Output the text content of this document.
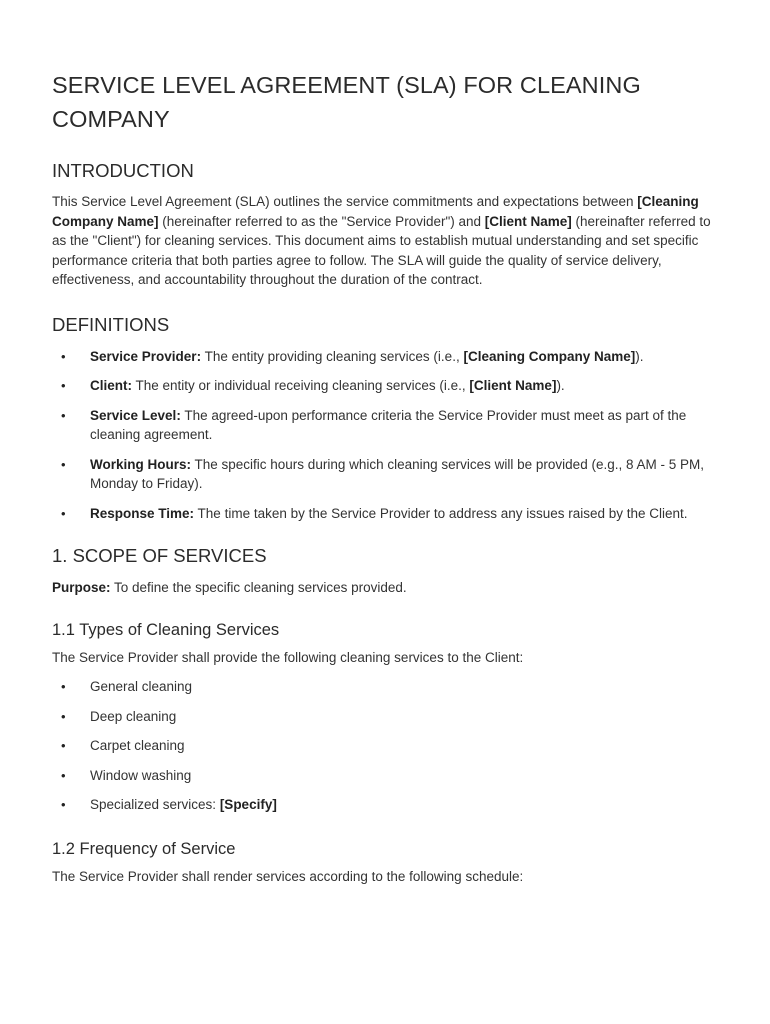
SERVICE LEVEL AGREEMENT (SLA) FOR CLEANING COMPANY
INTRODUCTION

This Service Level Agreement (SLA) outlines the service commitments and expectations between [Cleaning Company Name] (hereinafter referred to as the "Service Provider") and [Client Name] (hereinafter referred to as the "Client") for cleaning services. This document aims to establish mutual understanding and set specific performance criteria that both parties agree to follow. The SLA will guide the quality of service delivery, effectiveness, and accountability throughout the duration of the contract.

DEFINITIONS
• Service Provider: The entity providing cleaning services (i.e., [Cleaning Company Name]).
• Client: The entity or individual receiving cleaning services (i.e., [Client Name]).
• Service Level: The agreed-upon performance criteria the Service Provider must meet as part of the cleaning agreement.
• Working Hours: The specific hours during which cleaning services will be provided (e.g., 8 AM - 5 PM, Monday to Friday).
• Response Time: The time taken by the Service Provider to address any issues raised by the Client.
1. SCOPE OF SERVICES

Purpose: To define the specific cleaning services provided.

1.1 Types of Cleaning Services

The Service Provider shall provide the following cleaning services to the Client:

• General cleaning
• Deep cleaning
• Carpet cleaning
• Window washing
• Specialized services: [Specify]
1.2 Frequency of Service

The Service Provider shall render services according to the following schedule:
